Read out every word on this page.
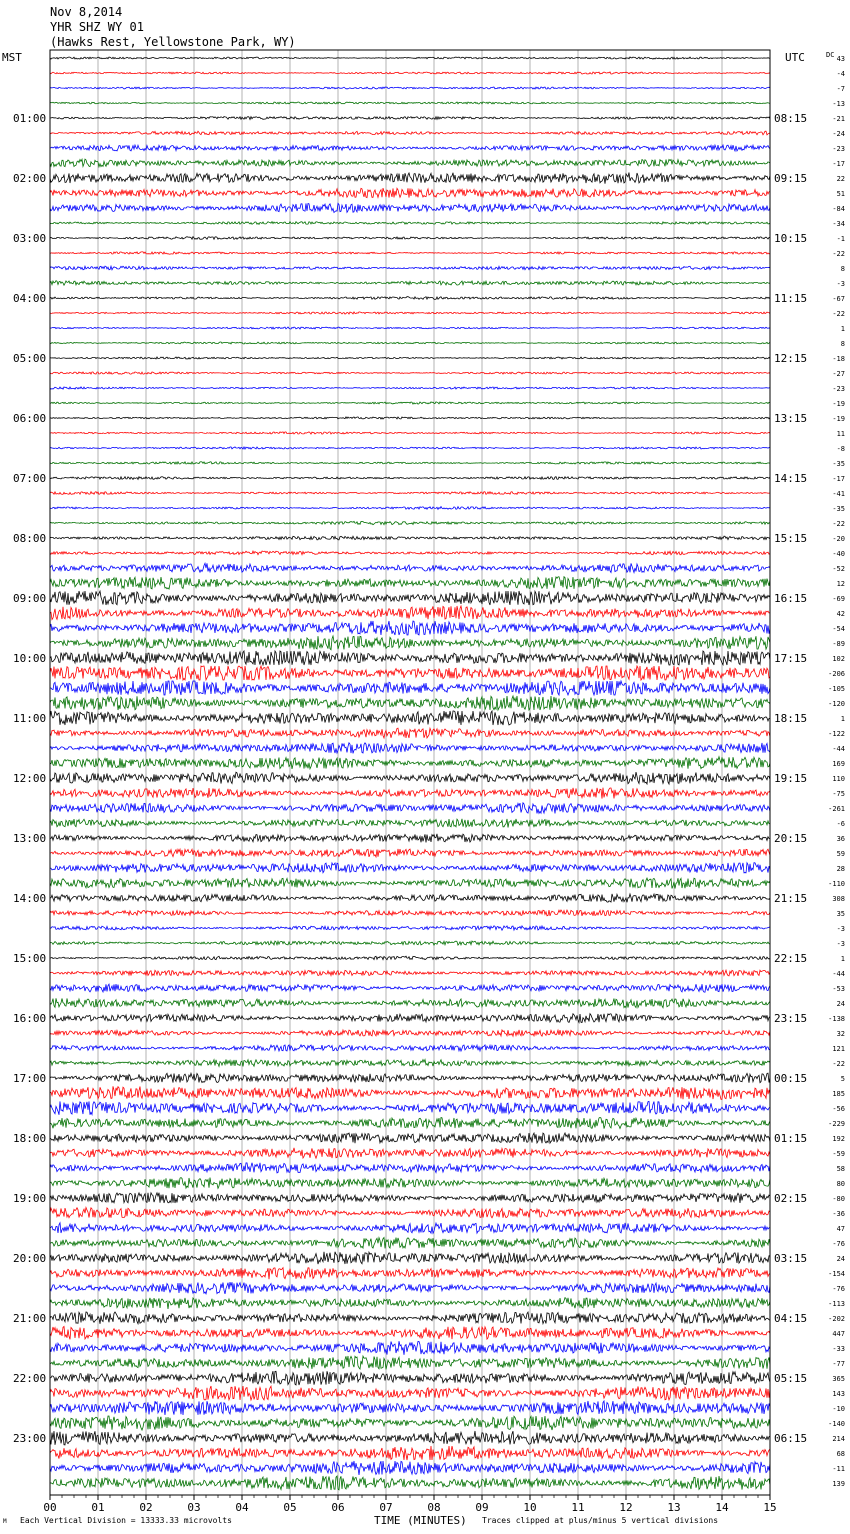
Nov 8,2014
YHR SHZ WY 01
(Hawks Rest, Yellowstone Park, WY)
MST	UTC	DC
01:00
02:00
03:00
04:00
05:00
06:00
07:00
08:00
09:00
10:00
11:00
12:00
13:00
14:00
15:00
16:00
17:00
18:00
19:00
20:00
21:00
22:00
23:00
08:15
09:15
10:15
11:15
12:15
13:15
14:15
15:15
16:15
17:15
18:15
19:15
20:15
21:15
22:15
23:15
00:15
01:15
02:15
03:15
04:15
05:15
06:15
43
-4
-7
-13
-21
-24
-23
-17
22
51
-84
-34
-1
-22
8
-3
-67
-22
1
8
-18
-27
-23
-19
-19
11
-8
-35
-17
-41
-35
-22
-20
-40
-52
12
-69
42
-54
-89
102
-206
-105
-120
1
-122
-44
169
110
-75
-261
-6
36
59
28
-110
308
35
-3
-3
1
-44
-53
24
-138
32
121
-22
5
185
-56
-229
192
-59
58
80
-80
-36
47
-76
24
-154
-76
-113
-202
447
-33
-77
365
143
-10
-140
214
68
-11
139
00	01	02	03	04	05	06	07	08	09	10	11	12	13	14	15
M Each Vertical Division = 13333.33 microvolts	TIME (MINUTES) Traces clipped at plus/minus 5 vertical divisions
